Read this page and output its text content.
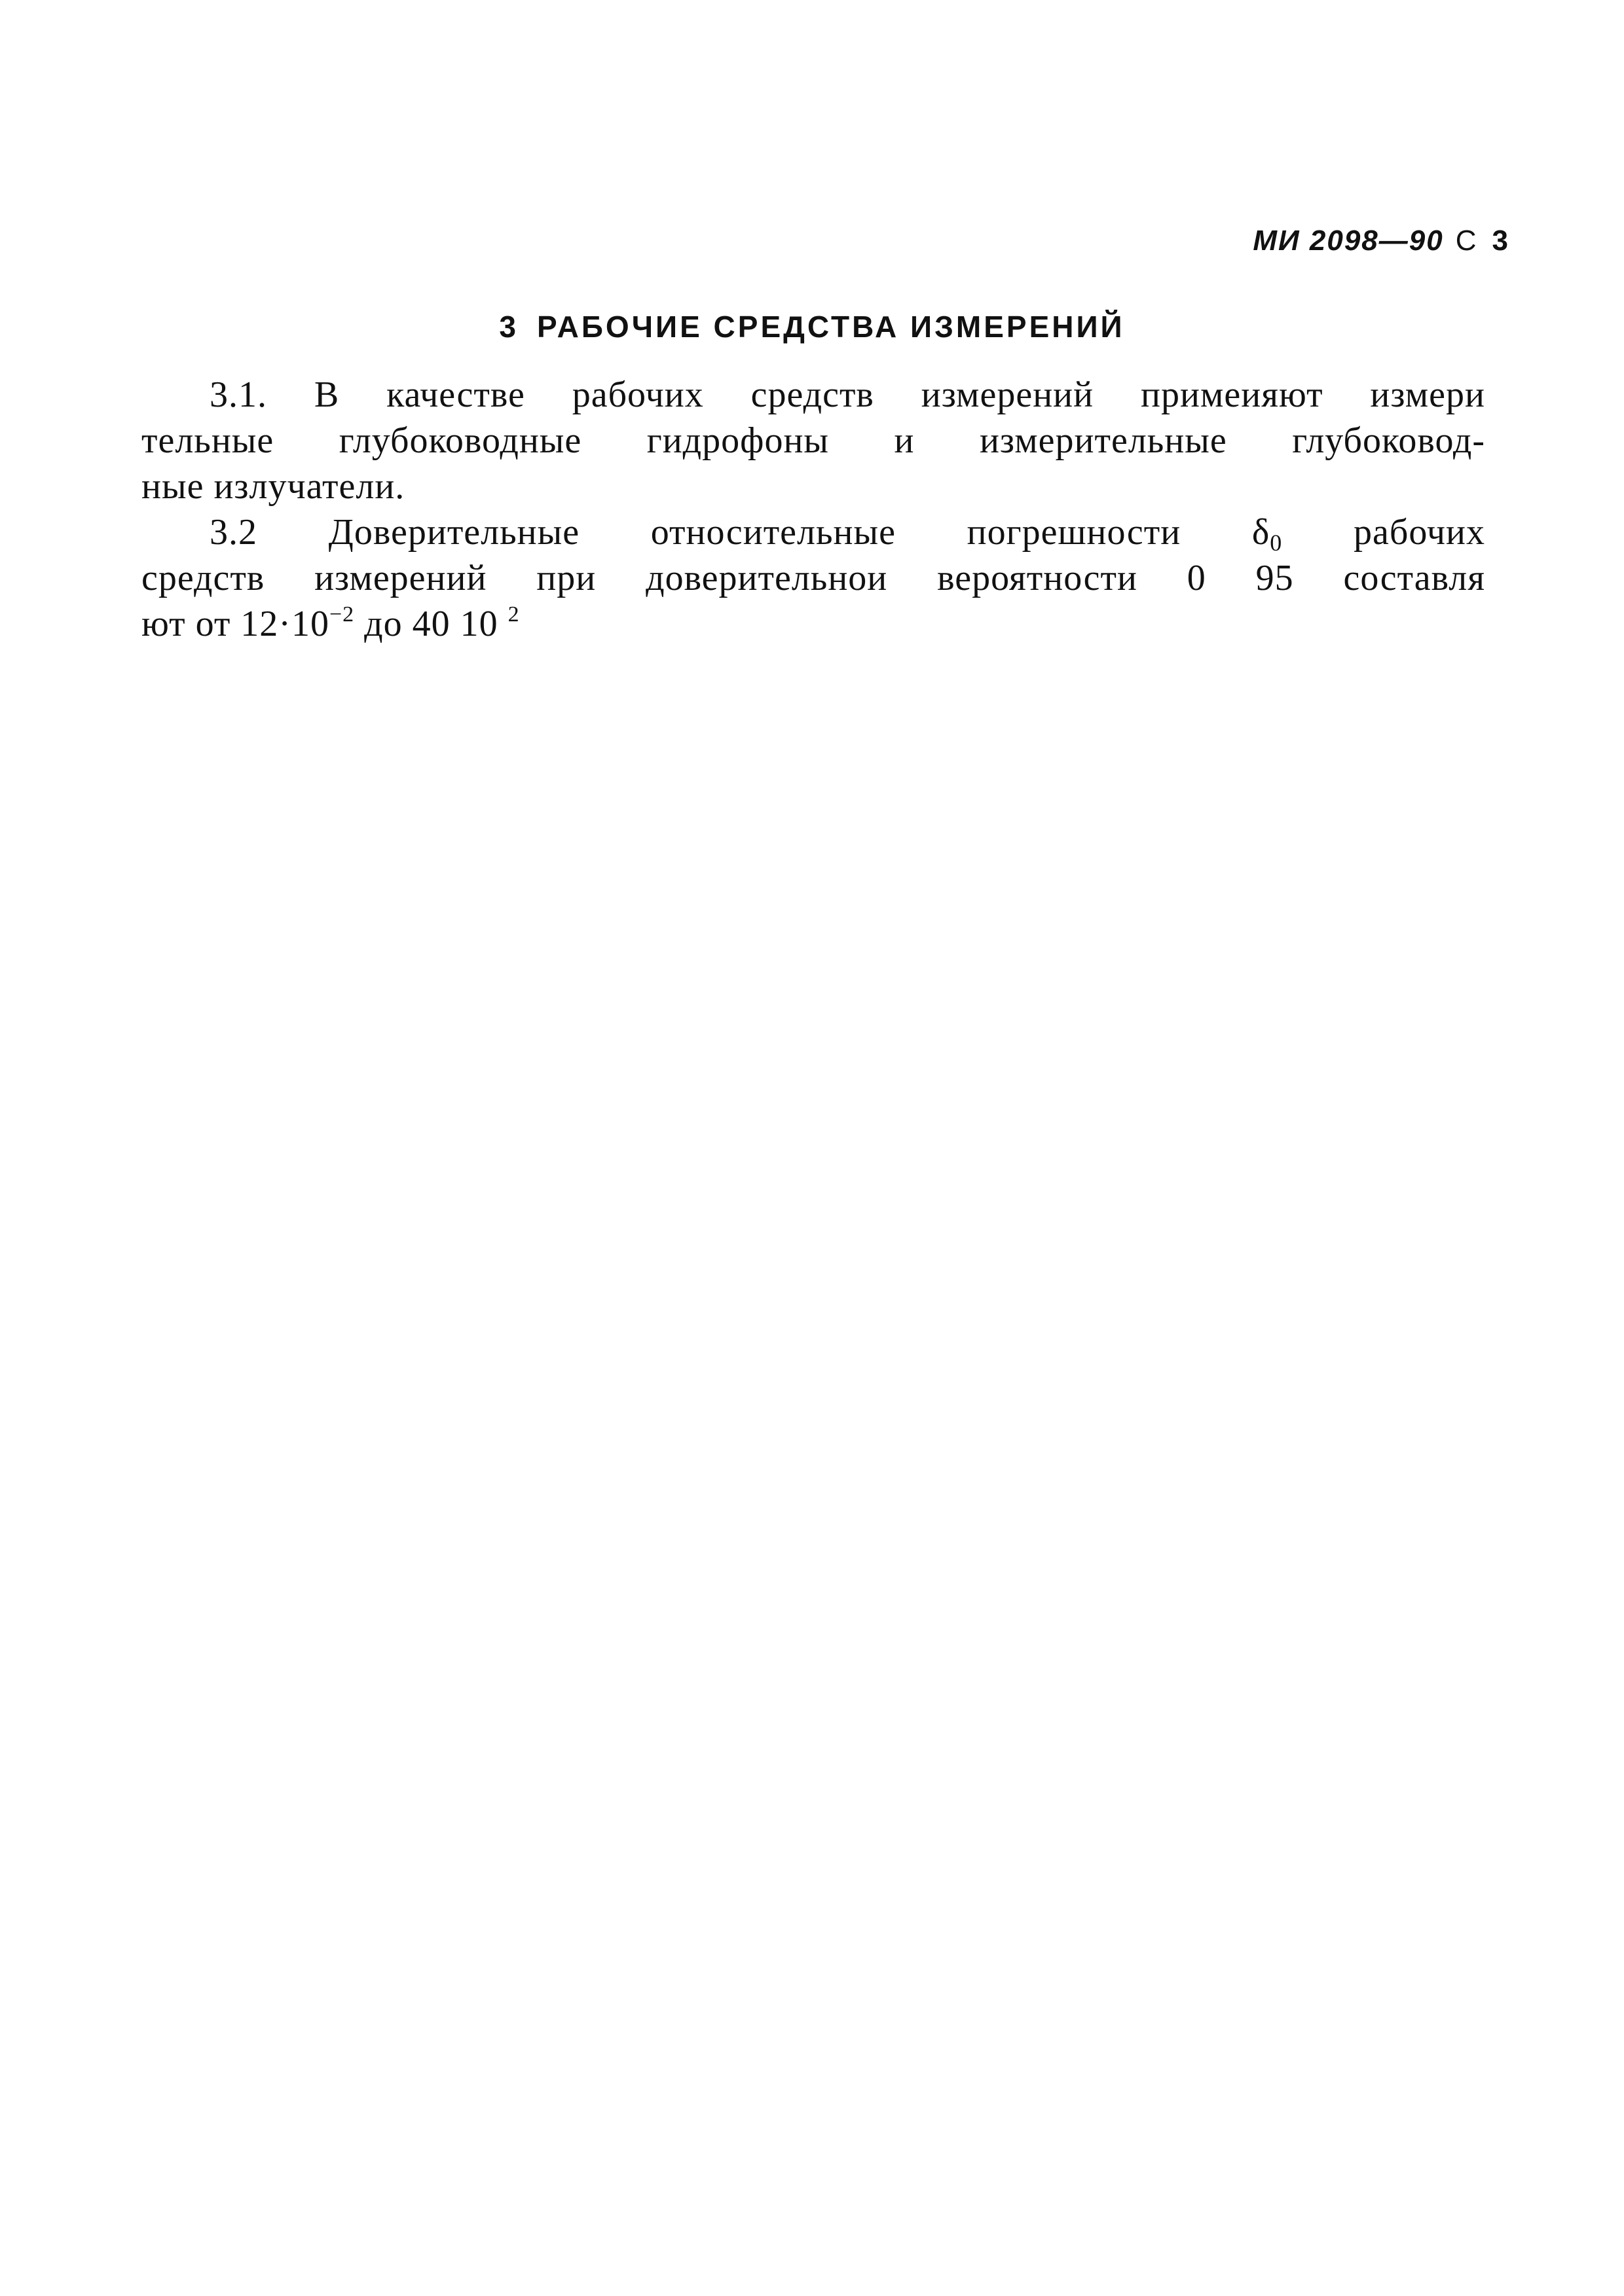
МИ 2098—90 С 3
3 РАБОЧИЕ СРЕДСТВА ИЗМЕРЕНИЙ
3.1. В качестве рабочих средств измерений примеияют измери
тельные глубоководные гидрофоны и измерительные глубоковод-
ные излучатели.
3.2 Доверительные относительные погрешности $\delta_0$ рабочих
средств измерений при доверительнои вероятности 0 95 составля
ют от $12\cdot 10^{-2}$ до 40 10 $^2$
